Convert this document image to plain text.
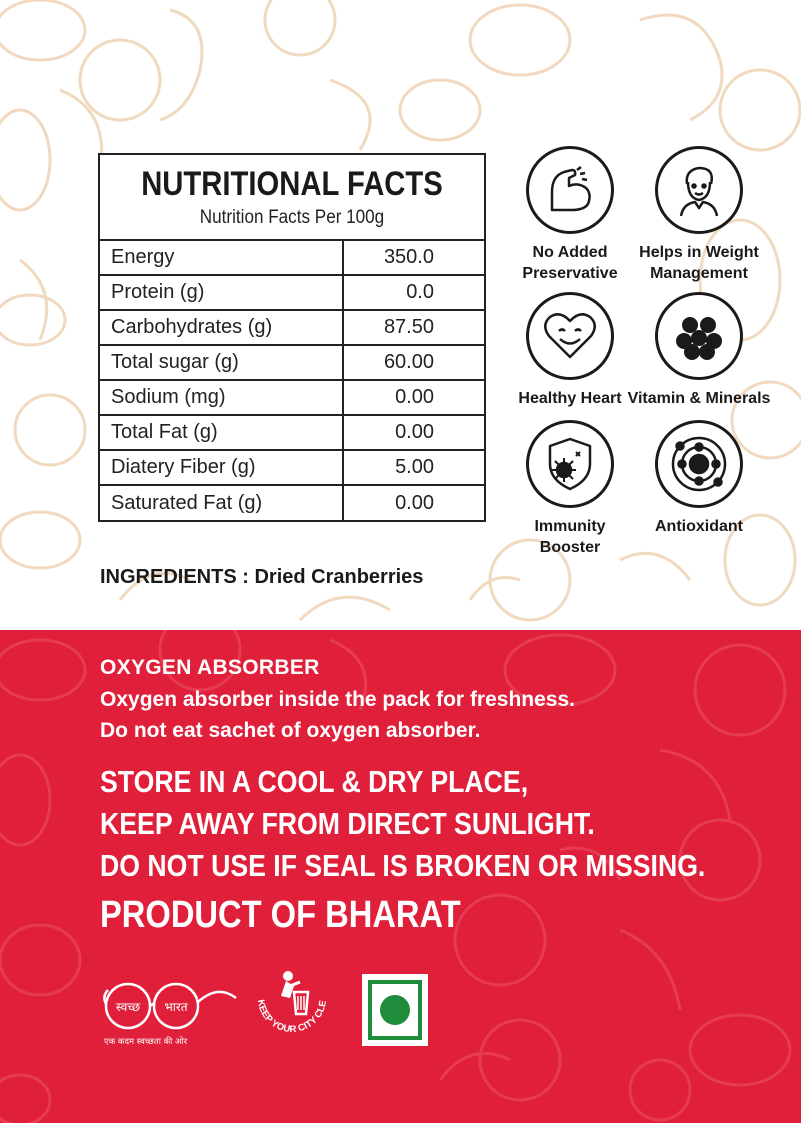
NUTRITIONAL FACTS
Nutrition Facts Per 100g
Energy	350.0
Protein (g)	0.0
Carbohydrates (g)	87.50
Total sugar (g)	60.00
Sodium (mg)	0.00
Total Fat (g)	0.00
Diatery Fiber (g)	5.00
Saturated Fat (g)	0.00
No Added
Preservative
Helps in Weight
Management
Healthy Heart Vitamin & Minerals
Immunity
Booster
Antioxidant
INGREDIENTS : Dried Cranberries
OXYGEN ABSORBER
Oxygen absorber inside the pack for freshness.
Do not eat sachet of oxygen absorber.
STORE IN A COOL & DRY PLACE,
KEEP AWAY FROM DIRECT SUNLIGHT.
DO NOT USE IF SEAL IS BROKEN OR MISSING.
PRODUCT OF BHARAT
स्वच्छ भारत
एक कदम स्वच्छता की ओर
KEEP YOUR CITY CLE
